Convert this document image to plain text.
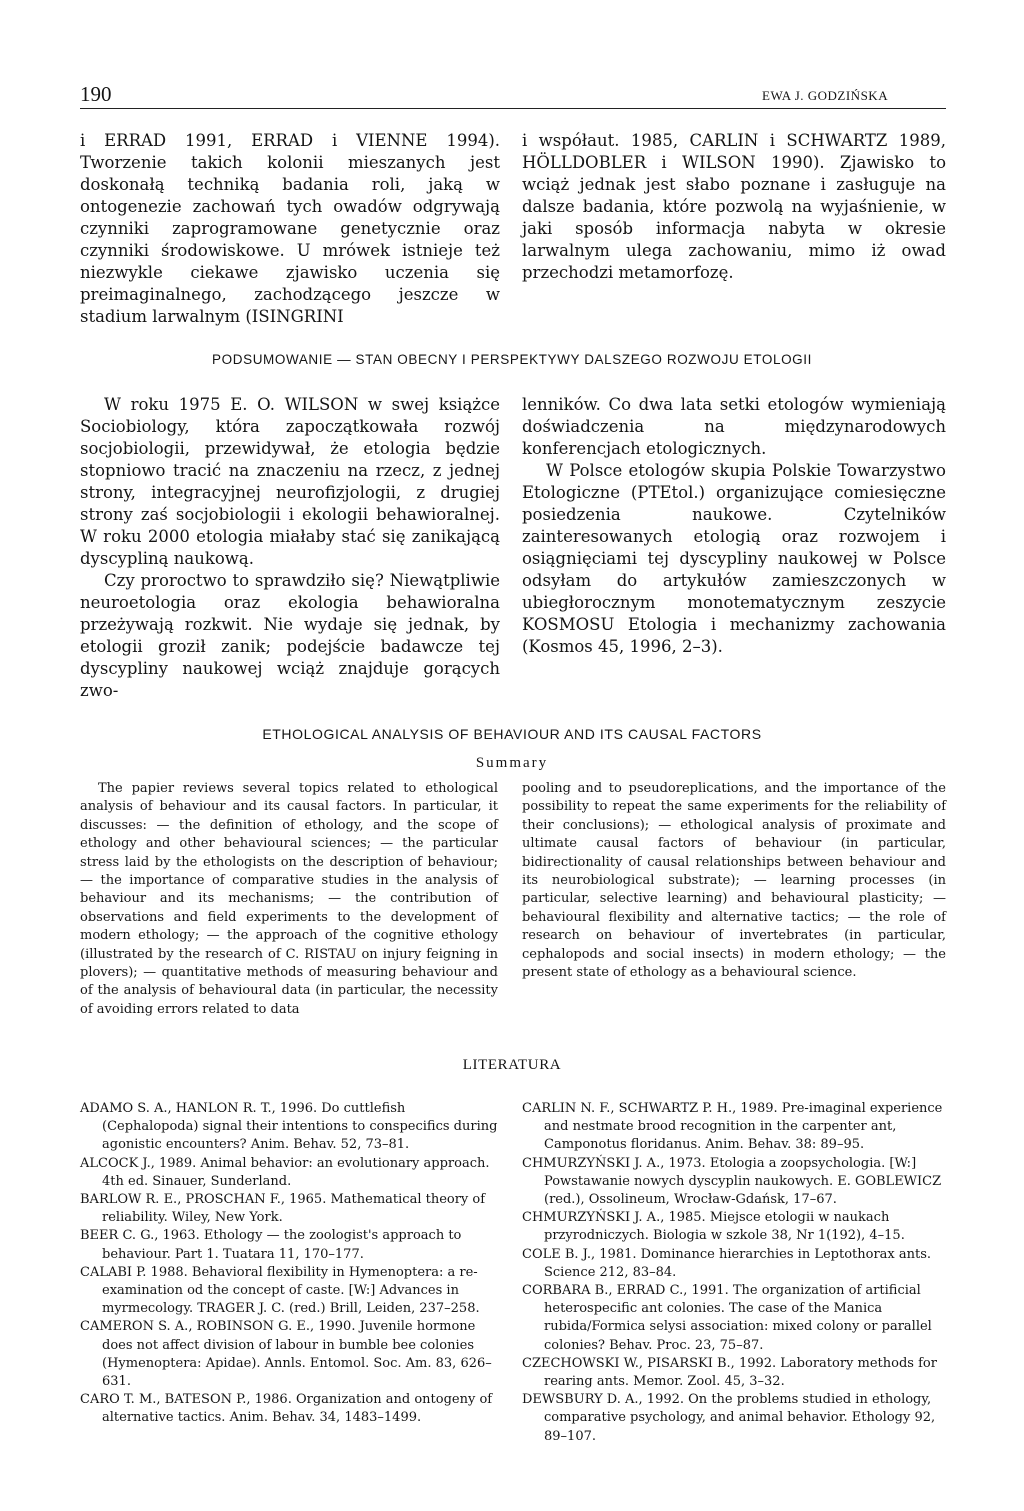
190	EWA J. GODZIŃSKA

i ERRAD 1991, ERRAD i VIENNE 1994). Tworzenie takich kolonii mieszanych jest doskonałą techniką badania roli, jaką w ontogenezie zachowań tych owadów odgrywają czynniki zaprogramowane genetycznie oraz czynniki środowiskowe. U mrówek istnieje też niezwykle ciekawe zjawisko uczenia się preimaginalnego, zachodzącego jeszcze w stadium larwalnym (ISINGRINI

i współaut. 1985, CARLIN i SCHWARTZ 1989, HÖLLDOBLER i WILSON 1990). Zjawisko to wciąż jednak jest słabo poznane i zasługuje na dalsze badania, które pozwolą na wyjaśnienie, w jaki sposób informacja nabyta w okresie larwalnym ulega zachowaniu, mimo iż owad przechodzi metamorfozę.

PODSUMOWANIE — STAN OBECNY I PERSPEKTYWY DALSZEGO ROZWOJU ETOLOGII

W roku 1975 E. O. WILSON w swej książce Sociobiology, która zapoczątkowała rozwój socjobiologii, przewidywał, że etologia będzie stopniowo tracić na znaczeniu na rzecz, z jednej strony, integracyjnej neurofizjologii, z drugiej strony zaś socjobiologii i ekologii behawioralnej. W roku 2000 etologia miałaby stać się zanikającą dyscypliną naukową.

Czy proroctwo to sprawdziło się? Niewątpliwie neuroetologia oraz ekologia behawioralna przeżywają rozkwit. Nie wydaje się jednak, by etologii groził zanik; podejście badawcze tej dyscypliny naukowej wciąż znajduje gorących zwo-

lenników. Co dwa lata setki etologów wymieniają doświadczenia na międzynarodowych konferencjach etologicznych.

W Polsce etologów skupia Polskie Towarzystwo Etologiczne (PTEtol.) organizujące comiesięczne posiedzenia naukowe. Czytelników zainteresowanych etologią oraz rozwojem i osiągnięciami tej dyscypliny naukowej w Polsce odsyłam do artykułów zamieszczonych w ubiegłorocznym monotematycznym zeszycie KOSMOSU Etologia i mechanizmy zachowania (Kosmos 45, 1996, 2–3).

ETHOLOGICAL ANALYSIS OF BEHAVIOUR AND ITS CAUSAL FACTORS
Summary

The papier reviews several topics related to ethological analysis of behaviour and its causal factors. In particular, it discusses: — the definition of ethology, and the scope of ethology and other behavioural sciences; — the particular stress laid by the ethologists on the description of behaviour; — the importance of comparative studies in the analysis of behaviour and its mechanisms; — the contribution of observations and field experiments to the development of modern ethology; — the approach of the cognitive ethology (illustrated by the research of C. RISTAU on injury feigning in plovers); — quantitative methods of measuring behaviour and of the analysis of behavioural data (in particular, the necessity of avoiding errors related to data

pooling and to pseudoreplications, and the importance of the possibility to repeat the same experiments for the reliability of their conclusions); — ethological analysis of proximate and ultimate causal factors of behaviour (in particular, bidirectionality of causal relationships between behaviour and its neurobiological substrate); — learning processes (in particular, selective learning) and behavioural plasticity; — behavioural flexibility and alternative tactics; — the role of research on behaviour of invertebrates (in particular, cephalopods and social insects) in modern ethology; — the present state of ethology as a behavioural science.

LITERATURA

ADAMO S. A., HANLON R. T., 1996. Do cuttlefish (Cephalopoda) signal their intentions to conspecifics during agonistic encounters? Anim. Behav. 52, 73–81.

ALCOCK J., 1989. Animal behavior: an evolutionary approach. 4th ed. Sinauer, Sunderland.

BARLOW R. E., PROSCHAN F., 1965. Mathematical theory of reliability. Wiley, New York.

BEER C. G., 1963. Ethology — the zoologist's approach to behaviour. Part 1. Tuatara 11, 170–177.

CALABI P. 1988. Behavioral flexibility in Hymenoptera: a re-examination od the concept of caste. [W:] Advances in myrmecology. TRAGER J. C. (red.) Brill, Leiden, 237–258.

CAMERON S. A., ROBINSON G. E., 1990. Juvenile hormone does not affect division of labour in bumble bee colonies (Hymenoptera: Apidae). Annls. Entomol. Soc. Am. 83, 626–631.

CARO T. M., BATESON P., 1986. Organization and ontogeny of alternative tactics. Anim. Behav. 34, 1483–1499.

CARLIN N. F., SCHWARTZ P. H., 1989. Pre-imaginal experience and nestmate brood recognition in the carpenter ant, Camponotus floridanus. Anim. Behav. 38: 89–95.

CHMURZYŃSKI J. A., 1973. Etologia a zoopsychologia. [W:] Powstawanie nowych dyscyplin naukowych. E. GOBLEWICZ (red.), Ossolineum, Wrocław-Gdańsk, 17–67.

CHMURZYŃSKI J. A., 1985. Miejsce etologii w naukach przyrodniczych. Biologia w szkole 38, Nr 1(192), 4–15.

COLE B. J., 1981. Dominance hierarchies in Leptothorax ants. Science 212, 83–84.

CORBARA B., ERRAD C., 1991. The organization of artificial heterospecific ant colonies. The case of the Manica rubida/Formica selysi association: mixed colony or parallel colonies? Behav. Proc. 23, 75–87.

CZECHOWSKI W., PISARSKI B., 1992. Laboratory methods for rearing ants. Memor. Zool. 45, 3–32.

DEWSBURY D. A., 1992. On the problems studied in ethology, comparative psychology, and animal behavior. Ethology 92, 89–107.
